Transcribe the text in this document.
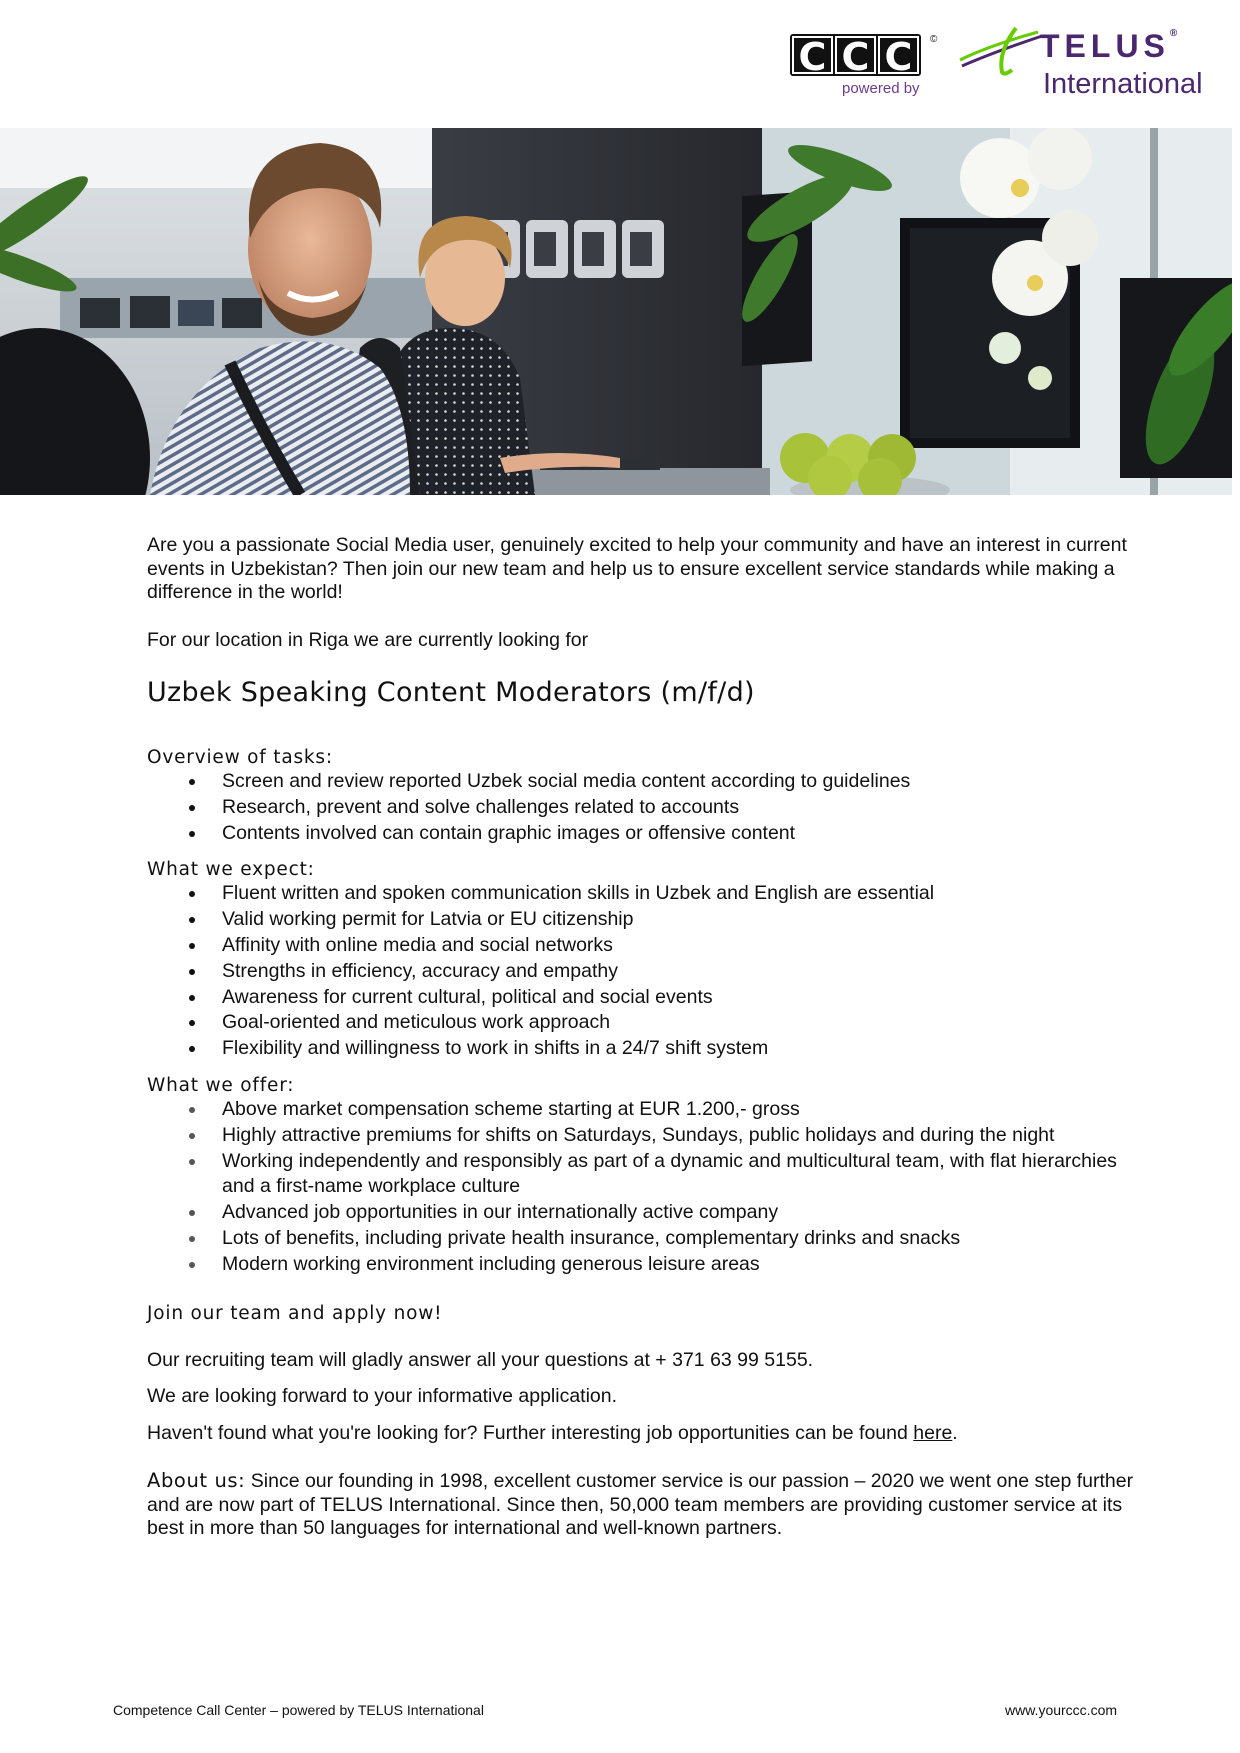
C C C	©
powered by
TELUS®
International

Are you a passionate Social Media user, genuinely excited to help your community and have an interest in current events in Uzbekistan? Then join our new team and help us to ensure excellent service standards while making a difference in the world!

For our location in Riga we are currently looking for

Uzbek Speaking Content Moderators (m/f/d)

Overview of tasks:

Screen and review reported Uzbek social media content according to guidelines
Research, prevent and solve challenges related to accounts
Contents involved can contain graphic images or offensive content

What we expect:

Fluent written and spoken communication skills in Uzbek and English are essential
Valid working permit for Latvia or EU citizenship
Affinity with online media and social networks
Strengths in efficiency, accuracy and empathy
Awareness for current cultural, political and social events
Goal-oriented and meticulous work approach
Flexibility and willingness to work in shifts in a 24/7 shift system

What we offer:

Above market compensation scheme starting at EUR 1.200,- gross
Highly attractive premiums for shifts on Saturdays, Sundays, public holidays and during the night
Working independently and responsibly as part of a dynamic and multicultural team, with flat hierarchies and a first-name workplace culture
Advanced job opportunities in our internationally active company
Lots of benefits, including private health insurance, complementary drinks and snacks
Modern working environment including generous leisure areas

Join our team and apply now!

Our recruiting team will gladly answer all your questions at + 371 63 99 5155.

We are looking forward to your informative application.

Haven't found what you're looking for? Further interesting job opportunities can be found here.

About us: Since our founding in 1998, excellent customer service is our passion – 2020 we went one step further and are now part of TELUS International. Since then, 50,000 team members are providing customer service at its best in more than 50 languages for international and well-known partners.

Competence Call Center – powered by TELUS International	www.yourccc.com
